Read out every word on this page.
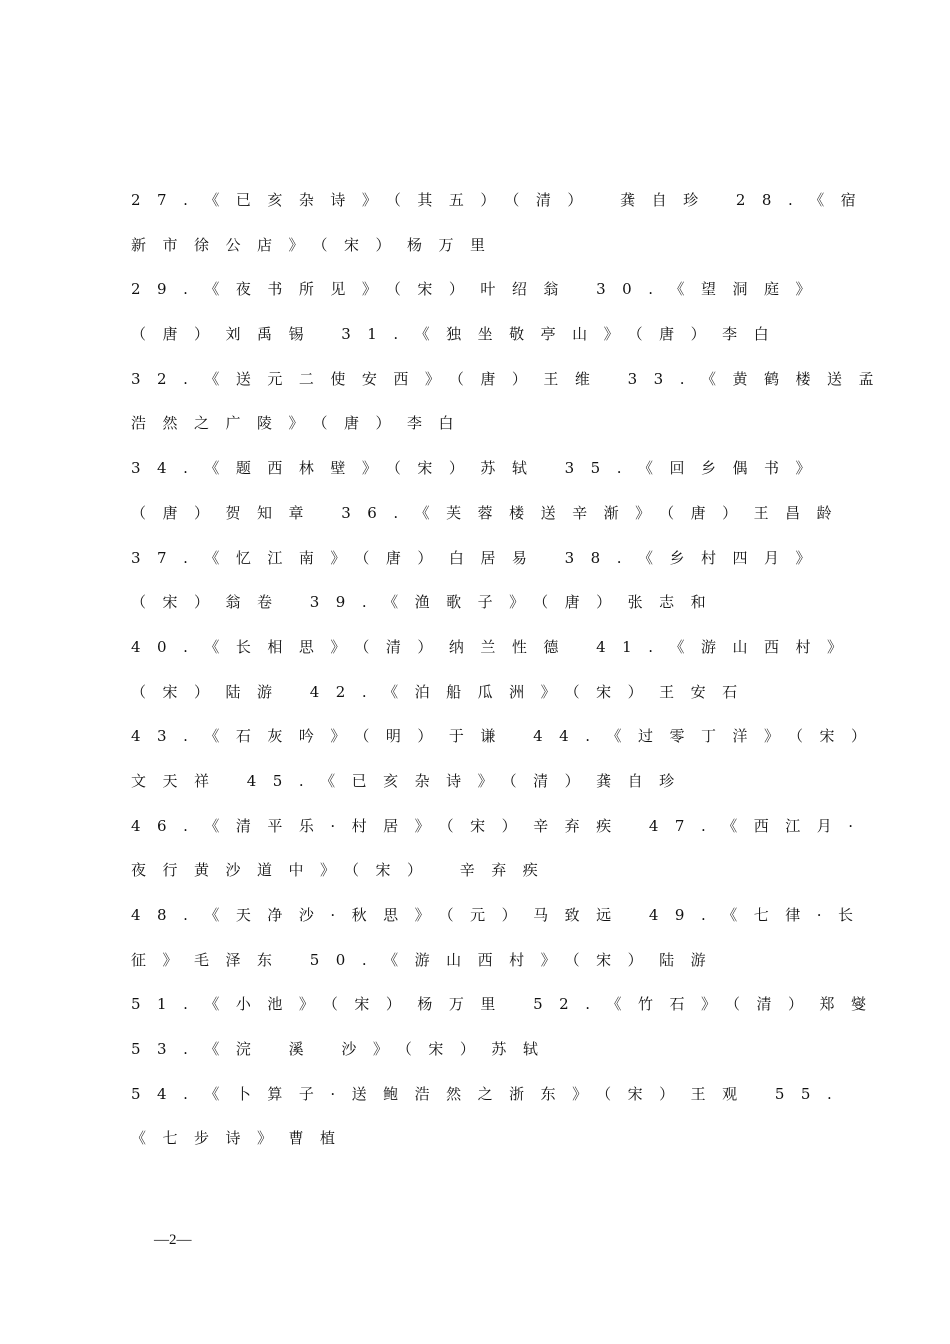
27.《已亥杂诗》（其五）（清） 龚自珍 28.《宿
新市徐公店》（宋）杨万里
29.《夜书所见》（宋）叶绍翁 30.《望洞庭》
（唐）刘禹锡 31.《独坐敬亭山》（唐）李白
32.《送元二使安西》（唐）王维 33.《黄鹤楼送孟
浩然之广陵》（唐）李白
34.《题西林壁》（宋）苏轼 35.《回乡偶书》
（唐）贺知章 36.《芙蓉楼送辛渐》（唐）王昌龄
37.《忆江南》（唐）白居易 38.《乡村四月》
（宋）翁卷 39.《渔歌子》（唐）张志和
40.《长相思》（清）纳兰性德 41.《游山西村》
（宋）陆游 42.《泊船瓜洲》（宋）王安石
43.《石灰吟》（明）于谦 44.《过零丁洋》（宋）
文天祥 45.《已亥杂诗》（清）龚自珍
46.《清平乐·村居》（宋）辛弃疾 47.《西江月·
夜行黄沙道中》（宋） 辛弃疾
48.《天净沙·秋思》（元）马致远 49.《七律·长
征》毛泽东 50.《游山西村》（宋）陆游
51.《小池》（宋）杨万里 52.《竹石》（清）郑燮
53.《浣 溪 沙》（宋）苏轼
54.《卜算子·送鲍浩然之浙东》（宋）王观 55.
《七步诗》曹植
—2—
